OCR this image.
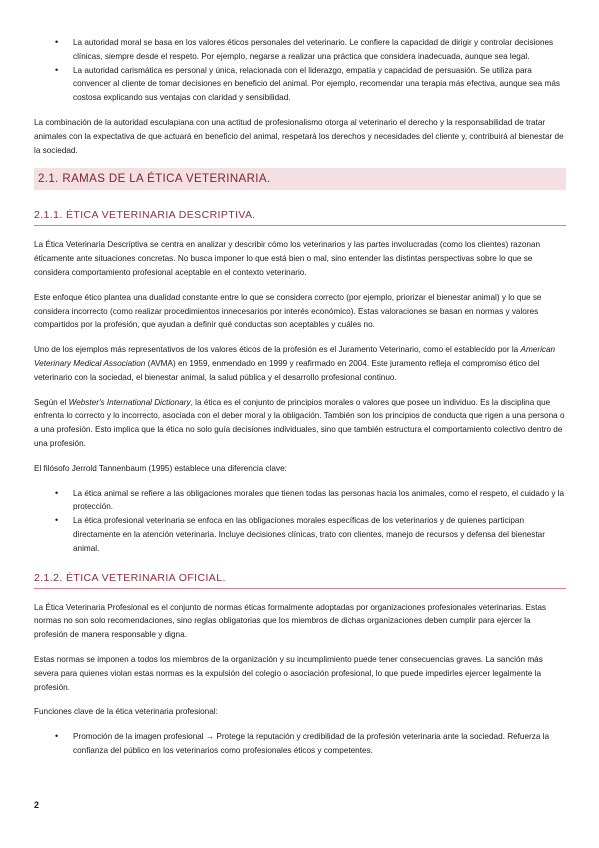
• La autoridad moral se basa en los valores éticos personales del veterinario. Le confiere la capacidad de dirigir y controlar decisiones clínicas, siempre desde el respeto. Por ejemplo, negarse a realizar una práctica que considera inadecuada, aunque sea legal.
• La autoridad carismática es personal y única, relacionada con el liderazgo, empatía y capacidad de persuasión. Se utiliza para convencer al cliente de tomar decisiones en beneficio del animal. Por ejemplo, recomendar una terapia más efectiva, aunque sea más costosa explicando sus ventajas con claridad y sensibilidad.

La combinación de la autoridad esculapiana con una actitud de profesionalismo otorga al veterinario el derecho y la responsabilidad de tratar animales con la expectativa de que actuará en beneficio del animal, respetará los derechos y necesidades del cliente y, contribuirá al bienestar de la sociedad.

2.1. RAMAS DE LA ÉTICA VETERINARIA.
2.1.1. ÉTICA VETERINARIA DESCRIPTIVA.

La Ética Veterinaria Descriptiva se centra en analizar y describir cómo los veterinarios y las partes involucradas (como los clientes) razonan éticamente ante situaciones concretas. No busca imponer lo que está bien o mal, sino entender las distintas perspectivas sobre lo que se considera comportamiento profesional aceptable en el contexto veterinario.

Este enfoque ético plantea una dualidad constante entre lo que se considera correcto (por ejemplo, priorizar el bienestar animal) y lo que se considera incorrecto (como realizar procedimientos innecesarios por interés económico). Estas valoraciones se basan en normas y valores compartidos por la profesión, que ayudan a definir qué conductas son aceptables y cuáles no.

Uno de los ejemplos más representativos de los valores éticos de la profesión es el Juramento Veterinario, como el establecido por la American Veterinary Medical Association (AVMA) en 1959, enmendado en 1999 y reafirmado en 2004. Este juramento refleja el compromiso ético del veterinario con la sociedad, el bienestar animal, la salud pública y el desarrollo profesional continuo.

Según el Webster's International Dictionary, la ética es el conjunto de principios morales o valores que posee un individuo. Es la disciplina que enfrenta lo correcto y lo incorrecto, asociada con el deber moral y la obligación. También son los principios de conducta que rigen a una persona o a una profesión. Esto implica que la ética no solo guía decisiones individuales, sino que también estructura el comportamiento colectivo dentro de una profesión.

El filósofo Jerrold Tannenbaum (1995) establece una diferencia clave:

• La ética animal se refiere a las obligaciones morales que tienen todas las personas hacia los animales, como el respeto, el cuidado y la protección.
• La ética profesional veterinaria se enfoca en las obligaciones morales específicas de los veterinarios y de quienes participan directamente en la atención veterinaria. Incluye decisiones clínicas, trato con clientes, manejo de recursos y defensa del bienestar animal.
2.1.2. ÉTICA VETERINARIA OFICIAL.

La Ética Veterinaria Profesional es el conjunto de normas éticas formalmente adoptadas por organizaciones profesionales veterinarias. Estas normas no son solo recomendaciones, sino reglas obligatorias que los miembros de dichas organizaciones deben cumplir para ejercer la profesión de manera responsable y digna.

Estas normas se imponen a todos los miembros de la organización y su incumplimiento puede tener consecuencias graves. La sanción más severa para quienes violan estas normas es la expulsión del colegio o asociación profesional, lo que puede impedirles ejercer legalmente la profesión.

Funciones clave de la ética veterinaria profesional:

• Promoción de la imagen profesional → Protege la reputación y credibilidad de la profesión veterinaria ante la sociedad. Refuerza la confianza del público en los veterinarios como profesionales éticos y competentes.
2
